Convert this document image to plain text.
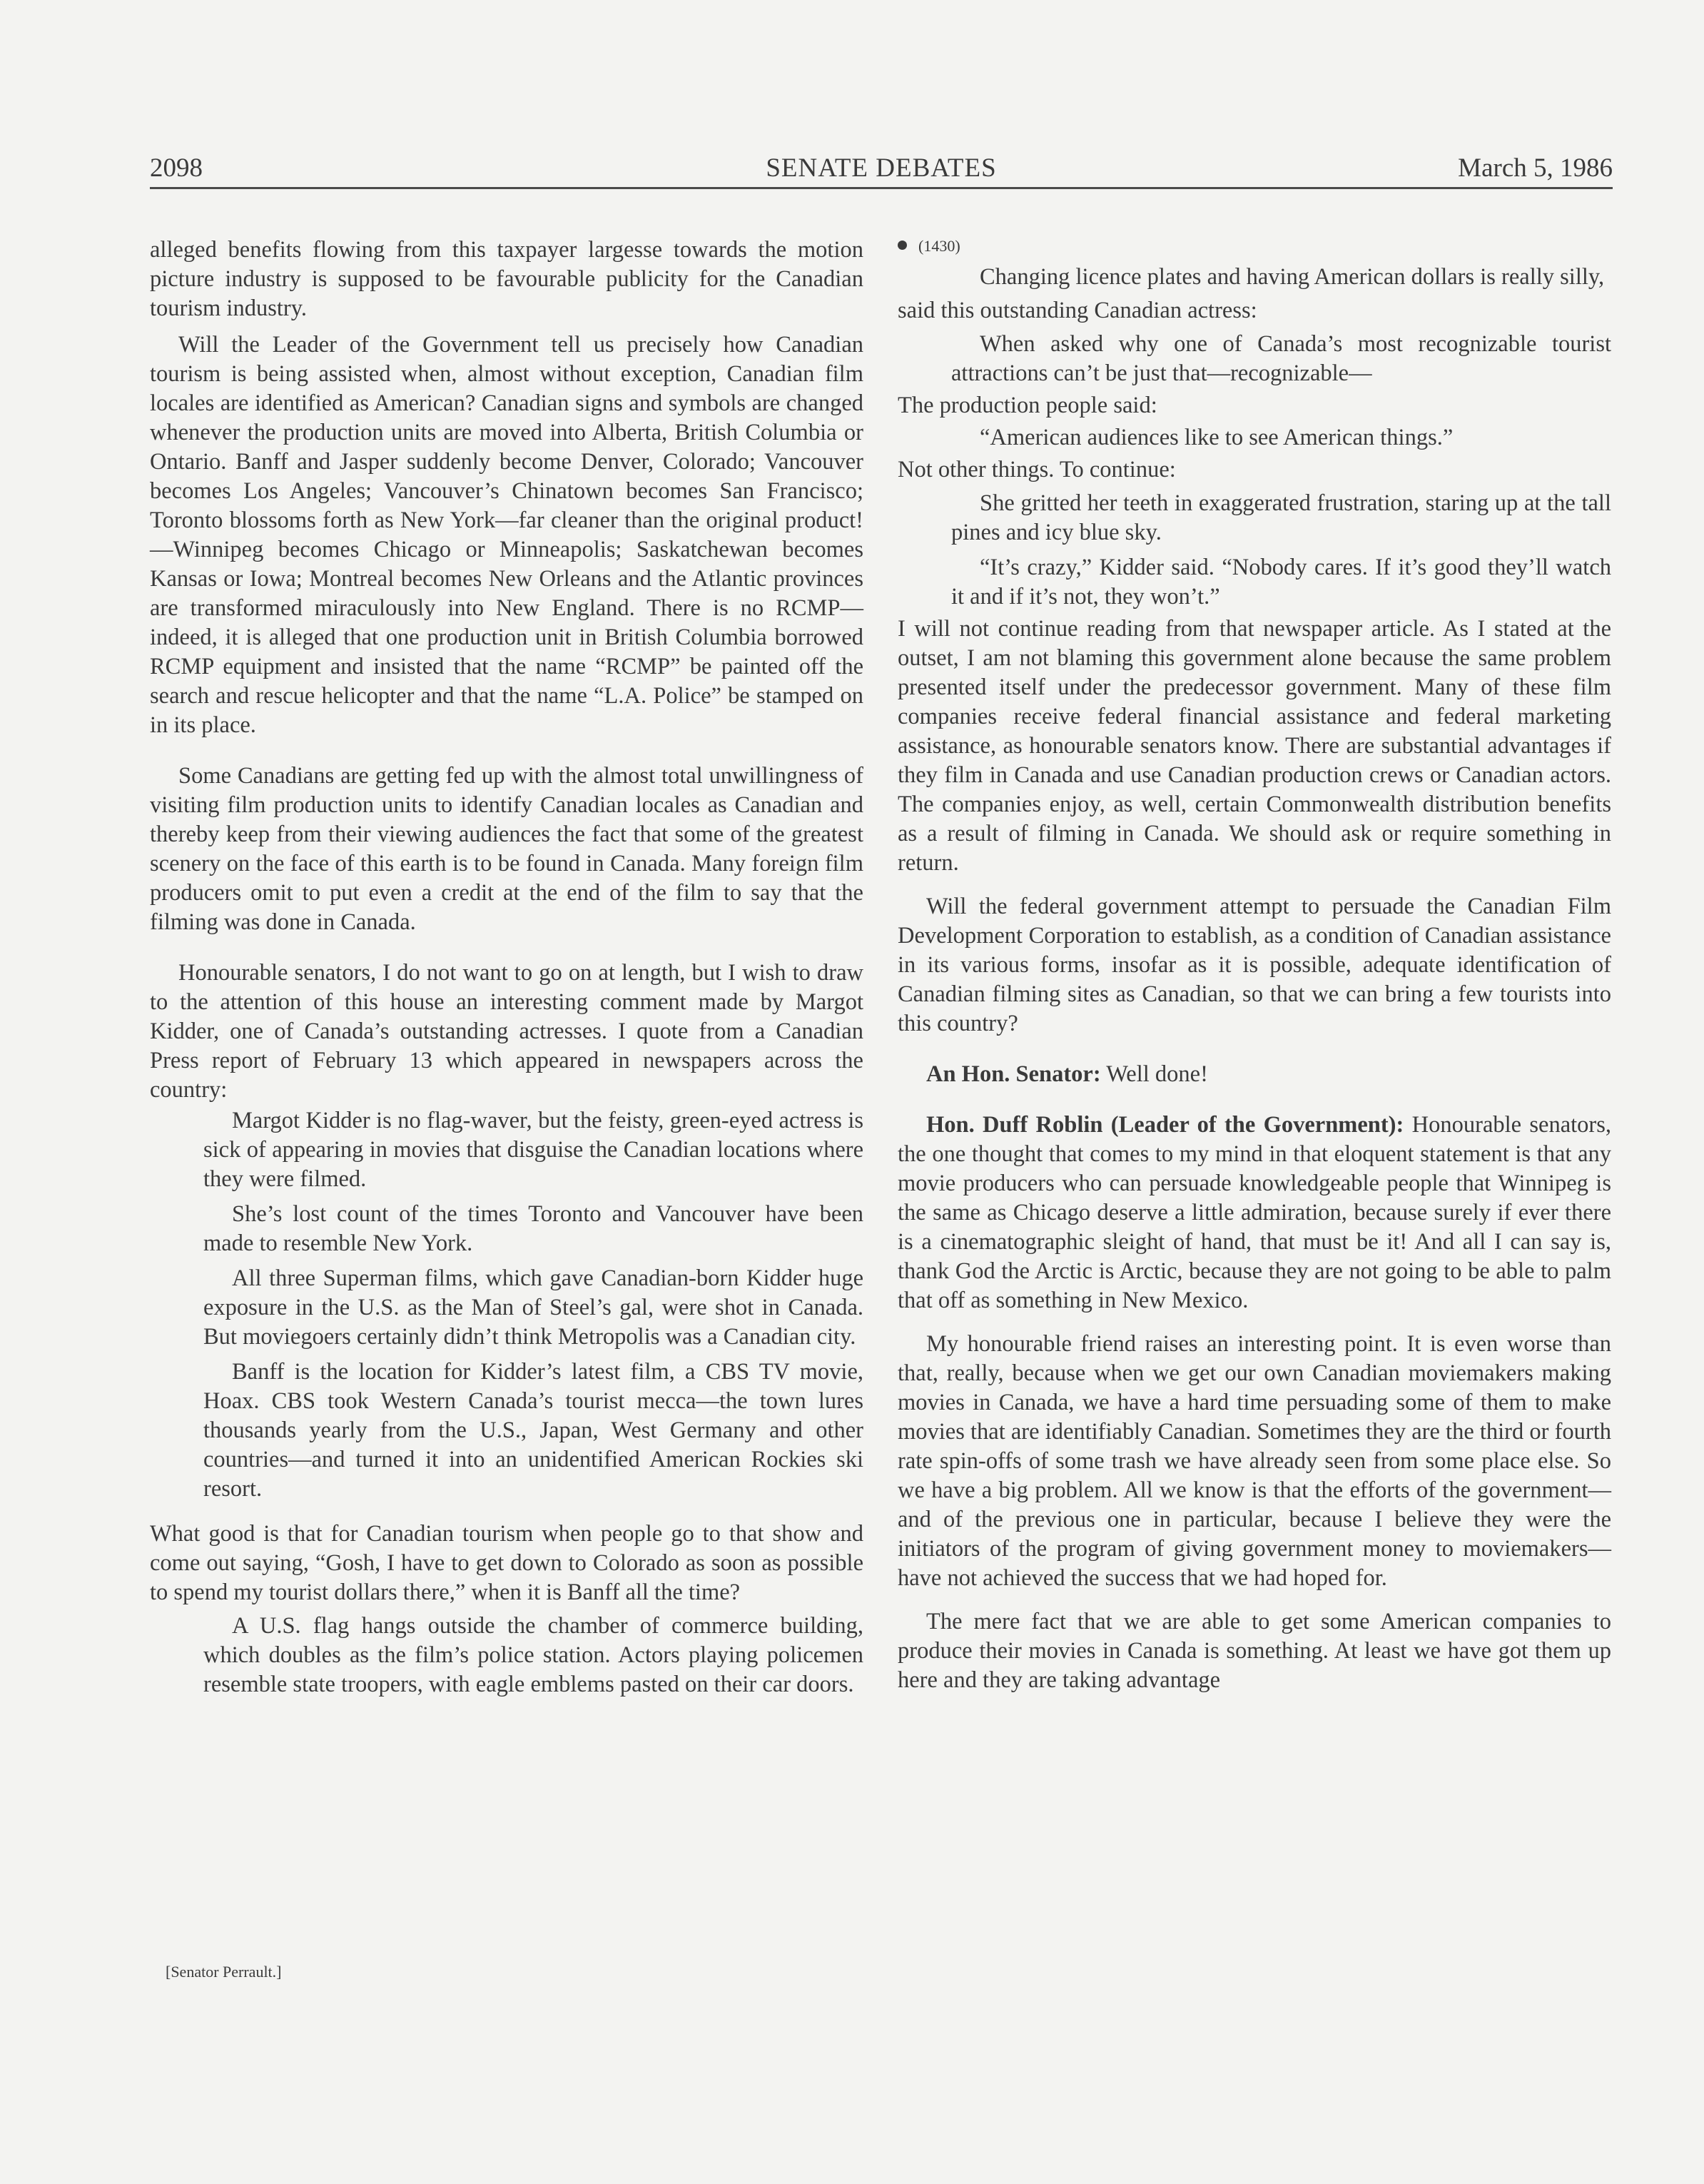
2098	SENATE DEBATES	March 5, 1986

alleged benefits flowing from this taxpayer largesse towards the motion picture industry is supposed to be favourable publicity for the Canadian tourism industry.

Will the Leader of the Government tell us precisely how Canadian tourism is being assisted when, almost without exception, Canadian film locales are identified as American? Canadian signs and symbols are changed whenever the production units are moved into Alberta, British Columbia or Ontario. Banff and Jasper suddenly become Denver, Colorado; Vancouver becomes Los Angeles; Vancouver’s Chinatown becomes San Francisco; Toronto blossoms forth as New York—far cleaner than the original product!—Winnipeg becomes Chicago or Minneapolis; Saskatchewan becomes Kansas or Iowa; Montreal becomes New Orleans and the Atlantic provinces are transformed miraculously into New England. There is no RCMP—indeed, it is alleged that one production unit in British Columbia borrowed RCMP equipment and insisted that the name “RCMP” be painted off the search and rescue helicopter and that the name “L.A. Police” be stamped on in its place.

Some Canadians are getting fed up with the almost total unwillingness of visiting film production units to identify Canadian locales as Canadian and thereby keep from their viewing audiences the fact that some of the greatest scenery on the face of this earth is to be found in Canada. Many foreign film producers omit to put even a credit at the end of the film to say that the filming was done in Canada.

Honourable senators, I do not want to go on at length, but I wish to draw to the attention of this house an interesting comment made by Margot Kidder, one of Canada’s outstanding actresses. I quote from a Canadian Press report of February 13 which appeared in newspapers across the country:

Margot Kidder is no flag-waver, but the feisty, green-eyed actress is sick of appearing in movies that disguise the Canadian locations where they were filmed.

She’s lost count of the times Toronto and Vancouver have been made to resemble New York.

All three Superman films, which gave Canadian-born Kidder huge exposure in the U.S. as the Man of Steel’s gal, were shot in Canada. But moviegoers certainly didn’t think Metropolis was a Canadian city.

Banff is the location for Kidder’s latest film, a CBS TV movie, Hoax. CBS took Western Canada’s tourist mecca—the town lures thousands yearly from the U.S., Japan, West Germany and other countries—and turned it into an unidentified American Rockies ski resort.

What good is that for Canadian tourism when people go to that show and come out saying, “Gosh, I have to get down to Colorado as soon as possible to spend my tourist dollars there,” when it is Banff all the time?

A U.S. flag hangs outside the chamber of commerce building, which doubles as the film’s police station. Actors playing policemen resemble state troopers, with eagle emblems pasted on their car doors.

(1430)

Changing licence plates and having American dollars is really silly,

said this outstanding Canadian actress:

When asked why one of Canada’s most recognizable tourist attractions can’t be just that—recognizable—

The production people said:

“American audiences like to see American things.”

Not other things. To continue:

She gritted her teeth in exaggerated frustration, staring up at the tall pines and icy blue sky.

“It’s crazy,” Kidder said. “Nobody cares. If it’s good they’ll watch it and if it’s not, they won’t.”

I will not continue reading from that newspaper article. As I stated at the outset, I am not blaming this government alone because the same problem presented itself under the predecessor government. Many of these film companies receive federal financial assistance and federal marketing assistance, as honourable senators know. There are substantial advantages if they film in Canada and use Canadian production crews or Canadian actors. The companies enjoy, as well, certain Commonwealth distribution benefits as a result of filming in Canada. We should ask or require something in return.

Will the federal government attempt to persuade the Canadian Film Development Corporation to establish, as a condition of Canadian assistance in its various forms, insofar as it is possible, adequate identification of Canadian filming sites as Canadian, so that we can bring a few tourists into this country?

An Hon. Senator: Well done!

Hon. Duff Roblin (Leader of the Government): Honourable senators, the one thought that comes to my mind in that eloquent statement is that any movie producers who can persuade knowledgeable people that Winnipeg is the same as Chicago deserve a little admiration, because surely if ever there is a cinematographic sleight of hand, that must be it! And all I can say is, thank God the Arctic is Arctic, because they are not going to be able to palm that off as something in New Mexico.

My honourable friend raises an interesting point. It is even worse than that, really, because when we get our own Canadian moviemakers making movies in Canada, we have a hard time persuading some of them to make movies that are identifiably Canadian. Sometimes they are the third or fourth rate spin-offs of some trash we have already seen from some place else. So we have a big problem. All we know is that the efforts of the government—and of the previous one in particular, because I believe they were the initiators of the program of giving government money to moviemakers—have not achieved the success that we had hoped for.

The mere fact that we are able to get some American companies to produce their movies in Canada is something. At least we have got them up here and they are taking advantage

[Senator Perrault.]
